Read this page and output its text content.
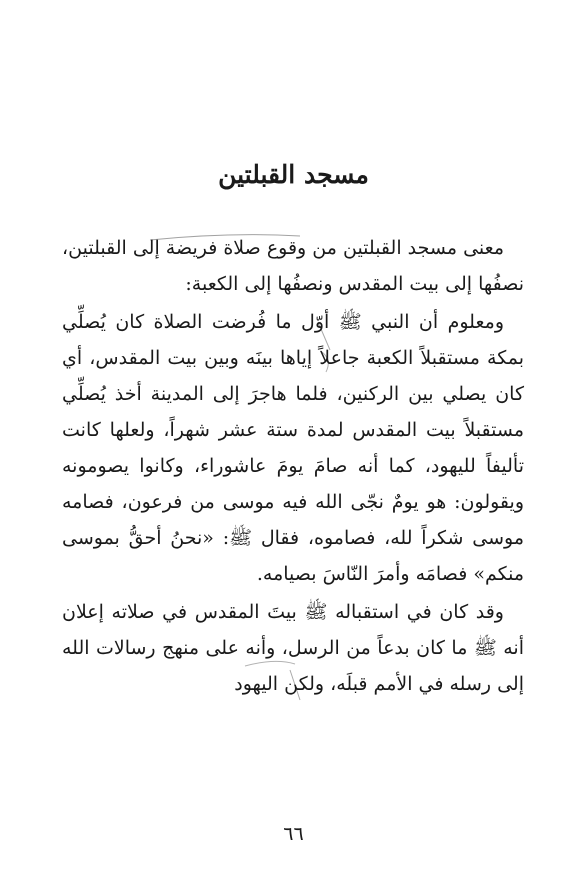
مسجد القبلتين

معنى مسجد القبلتين من وقوع صلاة فريضة إلى القبلتين، نصفُها إلى بيت المقدس ونصفُها إلى الكعبة:

ومعلوم أن النبي ﷺ أوّل ما فُرضت الصلاة كان يُصلِّي بمكة مستقبلاً الكعبة جاعلاً إياها بينَه وبين بيت المقدس، أي كان يصلي بين الركنين، فلما هاجرَ إلى المدينة أخذ يُصلِّي مستقبلاً بيت المقدس لمدة ستة عشر شهراً، ولعلها كانت تأليفاً لليهود، كما أنه صامَ يومَ عاشوراء، وكانوا يصومونه ويقولون: هو يومٌ نجّى الله فيه موسى من فرعون، فصامه موسى شكراً لله، فصاموه، فقال ﷺ: «نحنُ أحقُّ بموسى منكم» فصامَه وأمرَ النّاسَ بصيامه.

وقد كان في استقباله ﷺ بيتَ المقدس في صلاته إعلان أنه ﷺ ما كان بدعاً من الرسل، وأنه على منهج رسالات الله إلى رسله في الأمم قبلَه، ولكن اليهود

٦٦
